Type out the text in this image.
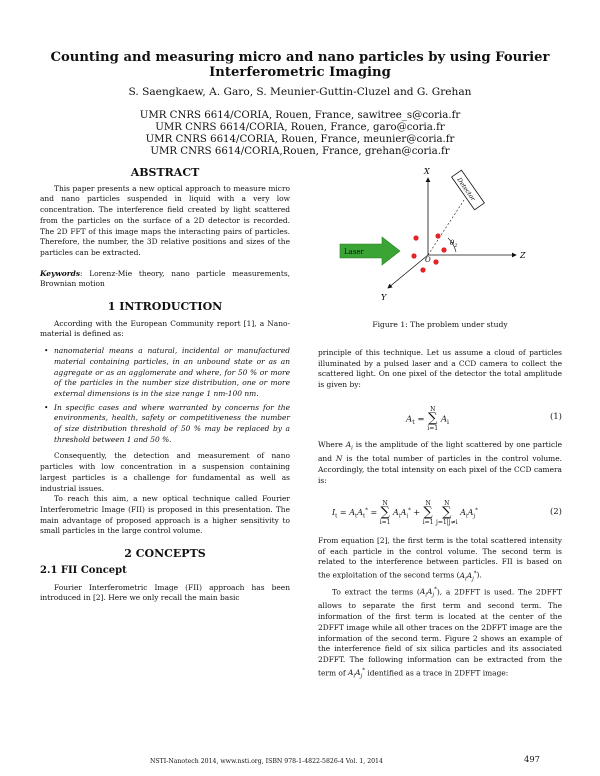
Counting and measuring micro and nano particles by using Fourier Interferometric Imaging
S. Saengkaew, A. Garo, S. Meunier-Guttin-Cluzel and G. Grehan
UMR CNRS 6614/CORIA, Rouen, France, sawitree_s@coria.fr
UMR CNRS 6614/CORIA, Rouen, France, garo@coria.fr
UMR CNRS 6614/CORIA, Rouen, France, meunier@coria.fr
UMR CNRS 6614/CORIA,Rouen, France, grehan@coria.fr
ABSTRACT

This paper presents a new optical approach to measure micro and nano particles suspended in liquid with a very low concentration. The interference field created by light scattered from the particles on the surface of a 2D detector is recorded. The 2D FFT of this image maps the interacting pairs of particles. Therefore, the number, the 3D relative positions and sizes of the particles can be extracted.

Keywords: Lorenz-Mie theory, nano particle measurements, Brownian motion

1 INTRODUCTION

According with the European Community report [1], a Nano-material is defined as:

• nanomaterial means a natural, incidental or manufactured material containing particles, in an unbound state or as an aggregate or as an agglomerate and where, for 50 % or more of the particles in the number size distribution, one or more external dimensions is in the size range 1 nm-100 nm.
• In specific cases and where warranted by concerns for the environments, health, safety or competitiveness the number of size distribution threshold of 50 % may be replaced by a threshold between 1 and 50 %.

Consequently, the detection and measurement of nano particles with low concentration in a suspension containing largest particles is a challenge for fundamental as well as industrial issues.

To reach this aim, a new optical technique called Fourier Interferometric Image (FII) is proposed in this presentation. The main advantage of proposed approach is a higher sensitivity to small particles in the large control volume.

2 CONCEPTS
2.1 FII Concept

Fourier Interferometric Image (FII) approach has been introduced in [2]. Here we only recall the main basic

X
Z
Y
O
Laser
Detector
$\theta_2$
Figure 1: The problem under study

principle of this technique. Let us assume a cloud of particles illuminated by a pulsed laser and a CCD camera to collect the scattered light. On one pixel of the detector the total amplitude is given by:

$A_t = N$
∑
i=1 $A_i$
(1)

Where $A_i$ is the amplitude of the light scattered by one particle and N is the total number of particles in the control volume. Accordingly, the total intensity on each pixel of the CCD camera is:

$I_t = A_tA_t^* = N$
∑
i=1 $A_iA_i^* + N$
∑
i=1 N
∑
j=1|j≠i $A_iA_j^*$	(2)

From equation [2], the first term is the total scattered intensity of each particle in the control volume. The second term is related to the interference between particles. FII is based on the exploitation of the second terms $(A_iA_j^*)$.

To extract the terms $(A_iA_j^*)$, a 2DFFT is used. The 2DFFT allows to separate the first term and second term. The information of the first term is located at the center of the 2DFFT image while all other traces on the 2DFFT image are the information of the second term. Figure 2 shows an example of the interference field of six silica particles and its associated 2DFFT. The following information can be extracted from the term of $A_iA_j^*$ identified as a trace in 2DFFT image:

NSTI-Nanotech 2014, www.nsti.org, ISBN 978-1-4822-5826-4 Vol. 1, 2014	497
